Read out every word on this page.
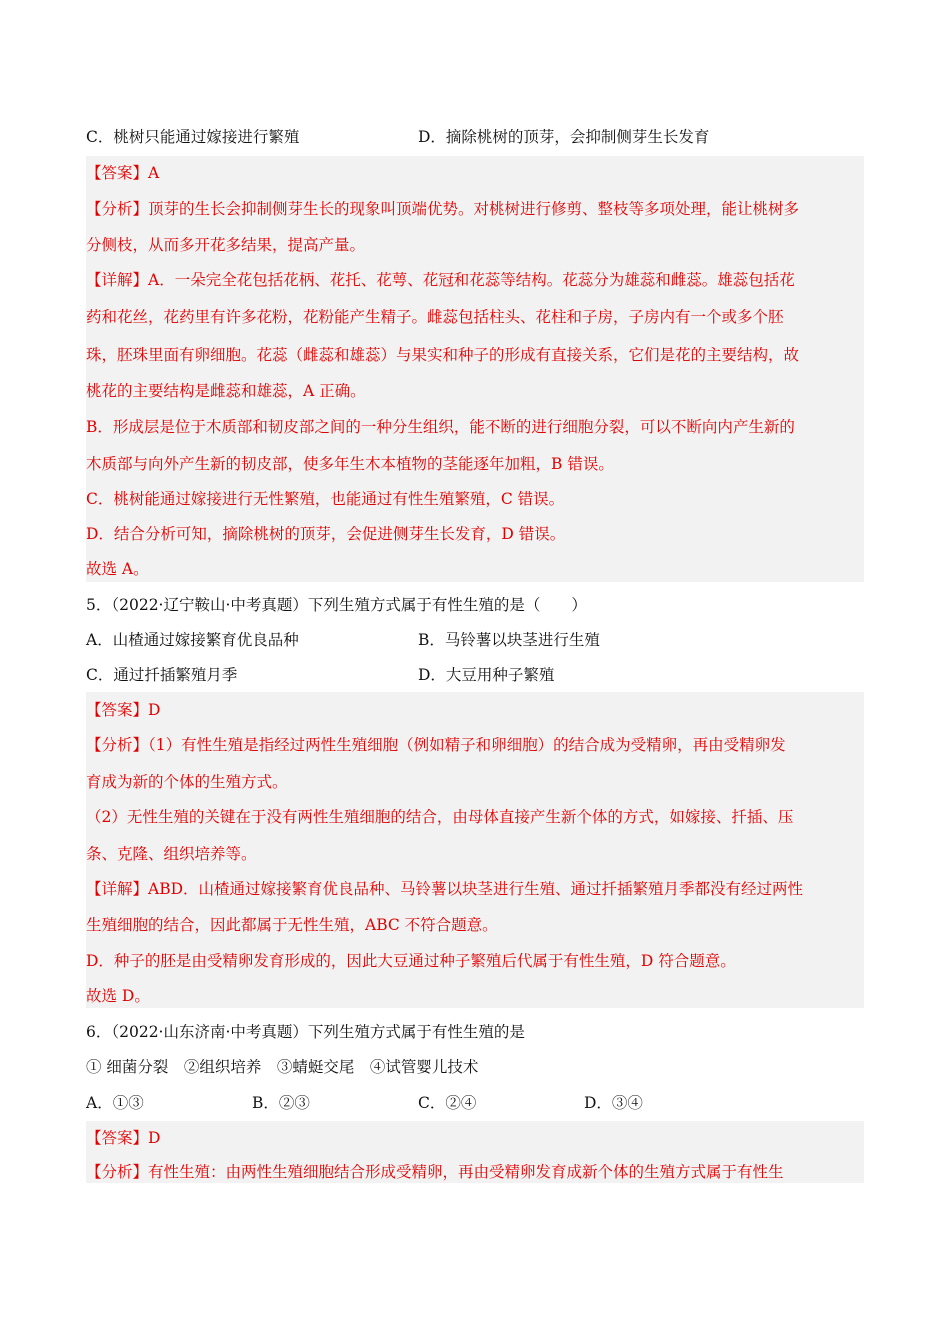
C．桃树只能通过嫁接进行繁殖	D．摘除桃树的顶芽，会抑制侧芽生长发育
【答案】A
【分析】顶芽的生长会抑制侧芽生长的现象叫顶端优势。对桃树进行修剪、整枝等多项处理，能让桃树多
分侧枝，从而多开花多结果，提高产量。
【详解】A．一朵完全花包括花柄、花托、花萼、花冠和花蕊等结构。花蕊分为雄蕊和雌蕊。雄蕊包括花
药和花丝，花药里有许多花粉，花粉能产生精子。雌蕊包括柱头、花柱和子房，子房内有一个或多个胚
珠，胚珠里面有卵细胞。花蕊（雌蕊和雄蕊）与果实和种子的形成有直接关系，它们是花的主要结构，故
桃花的主要结构是雌蕊和雄蕊，A 正确。
B．形成层是位于木质部和韧皮部之间的一种分生组织，能不断的进行细胞分裂，可以不断向内产生新的
木质部与向外产生新的韧皮部，使多年生木本植物的茎能逐年加粗，B 错误。
C．桃树能通过嫁接进行无性繁殖，也能通过有性生殖繁殖，C 错误。
D．结合分析可知，摘除桃树的顶芽，会促进侧芽生长发育，D 错误。
故选 A。
5．（2022·辽宁鞍山·中考真题）下列生殖方式属于有性生殖的是（　　）
A．山楂通过嫁接繁育优良品种	B．马铃薯以块茎进行生殖
C．通过扦插繁殖月季	D．大豆用种子繁殖
【答案】D
【分析】（1）有性生殖是指经过两性生殖细胞（例如精子和卵细胞）的结合成为受精卵，再由受精卵发
育成为新的个体的生殖方式。
（2）无性生殖的关键在于没有两性生殖细胞的结合，由母体直接产生新个体的方式，如嫁接、扦插、压
条、克隆、组织培养等。
【详解】ABD．山楂通过嫁接繁育优良品种、马铃薯以块茎进行生殖、通过扦插繁殖月季都没有经过两性
生殖细胞的结合，因此都属于无性生殖，ABC 不符合题意。
D．种子的胚是由受精卵发育形成的，因此大豆通过种子繁殖后代属于有性生殖，D 符合题意。
故选 D。
6．（2022·山东济南·中考真题）下列生殖方式属于有性生殖的是
① 细菌分裂　②组织培养　③蜻蜓交尾　④试管婴儿技术
A．①③	B．②③	C．②④	D．③④
【答案】D
【分析】有性生殖：由两性生殖细胞结合形成受精卵，再由受精卵发育成新个体的生殖方式属于有性生
